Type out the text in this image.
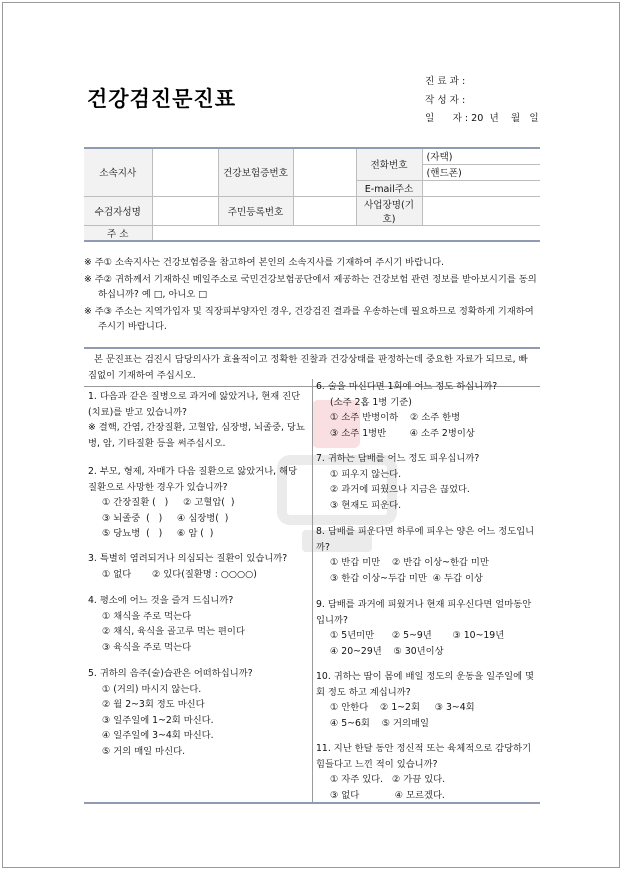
건강검진문진표
진 료 과 :
작 성 자 :
일      자 : 20  년    월   일
소속지사		건강보험증번호		전화번호	(자택)
					(핸드폰)
				E-mail주소	
수검자성명		주민등록번호		사업장명(기호)	
주 소					
※ 주① 소속지사는 건강보험증을 참고하여 본인의 소속지사를 기재하여 주시기 바랍니다.
※ 주② 귀하께서 기재하신 메일주소로 국민건강보험공단에서 제공하는 건강보험 관련 정보를 받아보시기를 동의 하십니까? 예 □, 아니오 □
※ 주③ 주소는 지역가입자 및 직장피부양자인 경우, 건강검진 결과를 우송하는데 필요하므로 정확하게 기재하여 주시기 바랍니다.
본 문진표는 검진시 담당의사가 효율적이고 정확한 진찰과 건강상태를 판정하는데 중요한 자료가 되므로, 빠짐없이 기재하여 주십시오.
1. 다음과 같은 질병으로 과거에 앓았거나, 현재 진단(치료)를 받고 있습니까?
※ 결핵, 간염, 간장질환, 고혈압, 심장병, 뇌졸중, 당뇨병, 암, 기타질환 등을 써주십시오.
2. 부모, 형제, 자매가 다음 질환으로 앓았거나, 해당 질환으로 사망한 경우가 있습니까?
① 간장질환 (   )     ② 고혈압(  )
③ 뇌졸중  (   )     ④ 심장병(  )
⑤ 당뇨병  (   )     ⑥ 암 (  )
3. 특별히 염려되거나 의심되는 질환이 있습니까?
① 없다       ② 있다(질환명 : ○○○○)
4. 평소에 어느 것을 즐겨 드십니까?
① 채식을 주로 먹는다
② 채식, 육식을 골고루 먹는 편이다
③ 육식을 주로 먹는다
5. 귀하의 음주(술)습관은 어떠하십니까?
① (거의) 마시지 않는다.
② 월 2~3회 정도 마신다
③ 일주일에 1~2회 마신다.
④ 일주일에 3~4회 마신다.
⑤ 거의 매일 마신다.
6. 술을 마신다면 1회에 어느 정도 하십니까?
(소주 2홉 1병 기준)
① 소주 반병이하    ② 소주 한병
③ 소주 1병반        ④ 소주 2병이상
7. 귀하는 담배를 어느 정도 피우십니까?
① 피우지 않는다.
② 과거에 피웠으나 지금은 끊었다.
③ 현재도 피운다.
8. 담배를 피운다면 하루에 피우는 양은 어느 정도입니까?
① 반갑 미만    ② 반갑 이상~한갑 미만
③ 한갑 이상~두갑 미만  ④ 두갑 이상
9. 담배를 과거에 피웠거나 현재 피우신다면 얼마동안입니까?
① 5년미만      ② 5~9년       ③ 10~19년
④ 20~29년    ⑤ 30년이상
10. 귀하는 땀이 몸에 배일 정도의 운동을 일주일에 몇회 정도 하고 계십니까?
① 안한다    ② 1~2회     ③ 3~4회
④ 5~6회    ⑤ 거의매일
11. 지난 한달 동안 정신적 또는 육체적으로 감당하기 힘들다고 느낀 적이 있습니까?
① 자주 있다.   ② 가끔 있다.
③ 없다            ④ 모르겠다.
